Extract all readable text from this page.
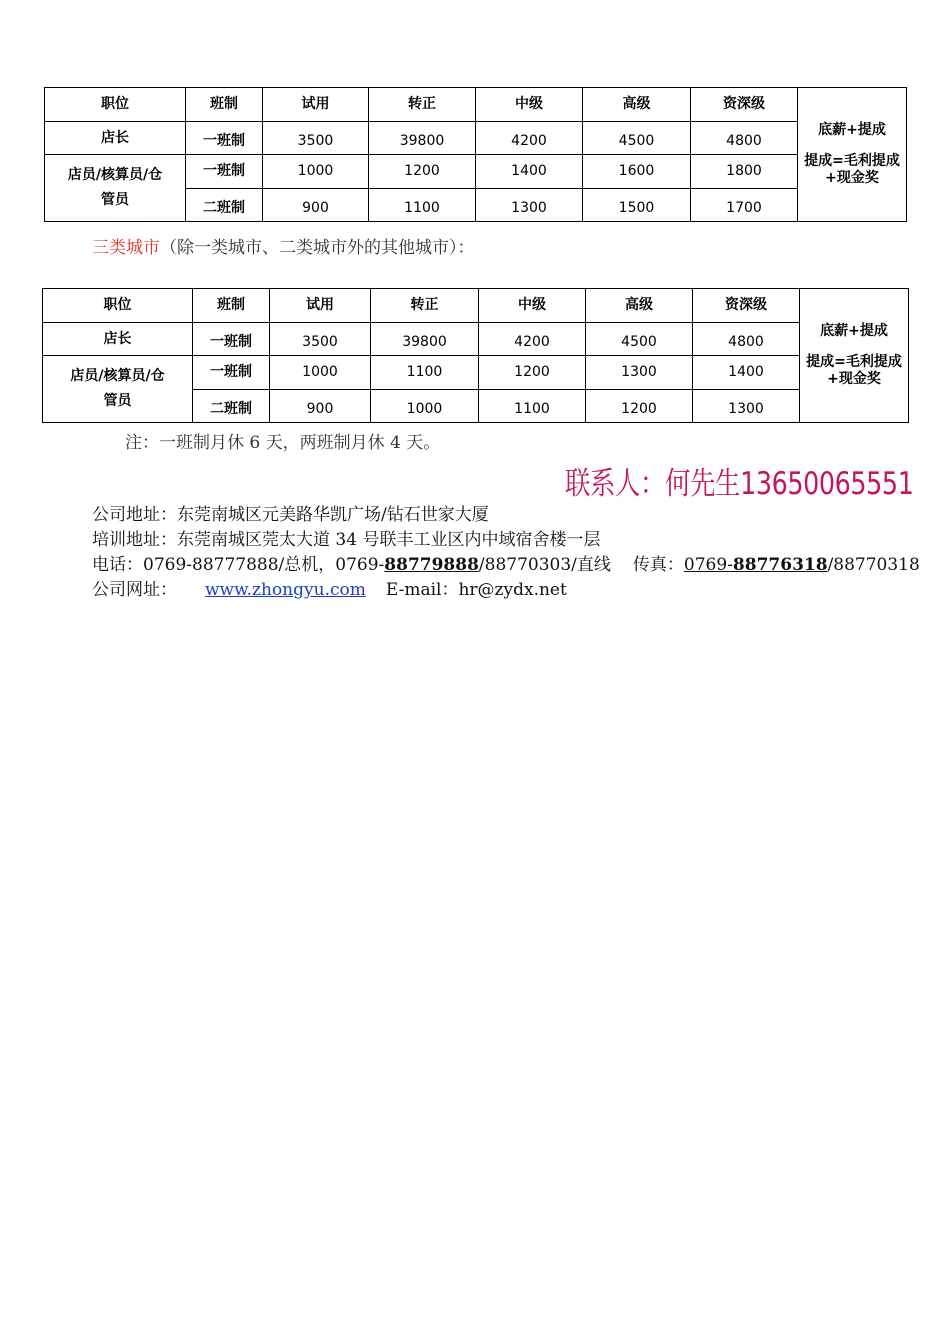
职位	班制	试用	转正	中级	高级	资深级	底薪+提成
提成=毛利提成
+现金奖
店长	一班制	3500	39800	4200	4500	4800	

店员/核算员/仓管员	一班制	1000	1200	1400	1600	1800	

	二班制	900	1100	1300	1500	1700	
三类城市（除一类城市、二类城市外的其他城市）：
职位	班制	试用	转正	中级	高级	资深级	底薪+提成
提成=毛利提成
+现金奖
店长	一班制	3500	39800	4200	4500	4800	

店员/核算员/仓管员	一班制	1000	1100	1200	1300	1400	

	二班制	900	1000	1100	1200	1300	
注：一班制月休 6 天，两班制月休 4 天。
联系人：何先生13650065551
公司地址：东莞南城区元美路华凯广场/钻石世家大厦
培训地址：东莞南城区莞太大道 34 号联丰工业区内中域宿舍楼一层
电话：0769-88777888/总机，0769-88779888/88770303/直线 传真：0769-88776318/88770318
公司网址： www.zhongyu.com E-mail：hr@zydx.net
